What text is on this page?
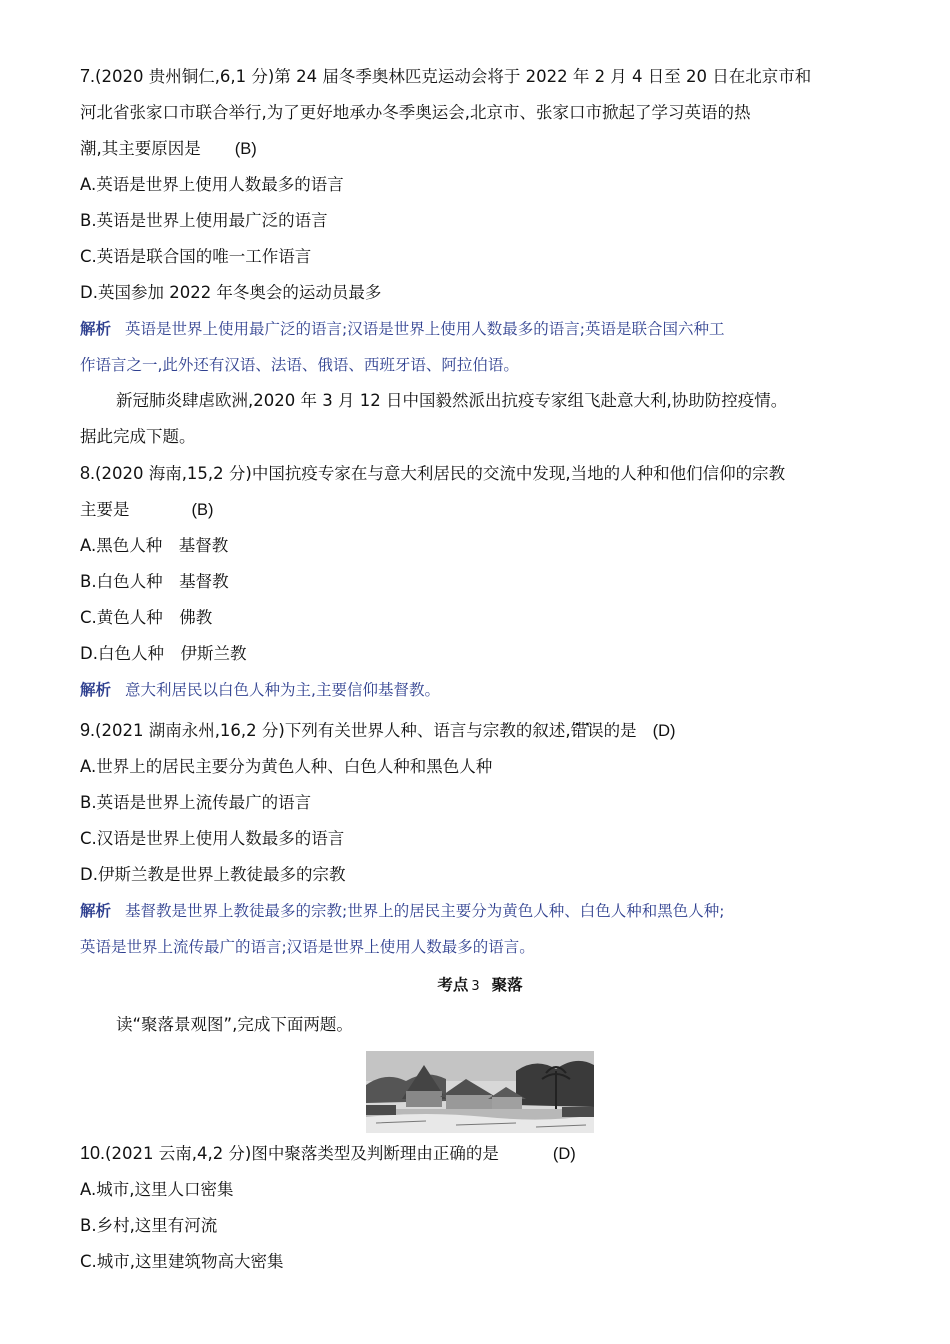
7.(2020 贵州铜仁,6,1 分)第 24 届冬季奥林匹克运动会将于 2022 年 2 月 4 日至 20 日在北京市和
河北省张家口市联合举行,为了更好地承办冬季奥运会,北京市、张家口市掀起了学习英语的热
潮,其主要原因是 (B)
A.英语是世界上使用人数最多的语言
B.英语是世界上使用最广泛的语言
C.英语是联合国的唯一工作语言
D.英国参加 2022 年冬奥会的运动员最多
解析 英语是世界上使用最广泛的语言;汉语是世界上使用人数最多的语言;英语是联合国六种工
作语言之一,此外还有汉语、法语、俄语、西班牙语、阿拉伯语。
新冠肺炎肆虐欧洲,2020 年 3 月 12 日中国毅然派出抗疫专家组飞赴意大利,协助防控疫情。
据此完成下题。
8.(2020 海南,15,2 分)中国抗疫专家在与意大利居民的交流中发现,当地的人种和他们信仰的宗教
主要是	(B)
A.黑色人种　基督教
B.白色人种　基督教
C.黄色人种　佛教
D.白色人种　伊斯兰教
解析 意大利居民以白色人种为主,主要信仰基督教。
9.(2021 湖南永州,16,2 分)下列有关世界人种、语言与宗教的叙述,· · 错误的是 (D)
A.世界上的居民主要分为黄色人种、白色人种和黑色人种
B.英语是世界上流传最广的语言
C.汉语是世界上使用人数最多的语言
D.伊斯兰教是世界上教徒最多的宗教
解析 基督教是世界上教徒最多的宗教;世界上的居民主要分为黄色人种、白色人种和黑色人种;
英语是世界上流传最广的语言;汉语是世界上使用人数最多的语言。
考点 3 聚落
读“聚落景观图”,完成下面两题。
10.(2021 云南,4,2 分)图中聚落类型及判断理由正确的是	(D)
A.城市,这里人口密集
B.乡村,这里有河流
C.城市,这里建筑物高大密集
